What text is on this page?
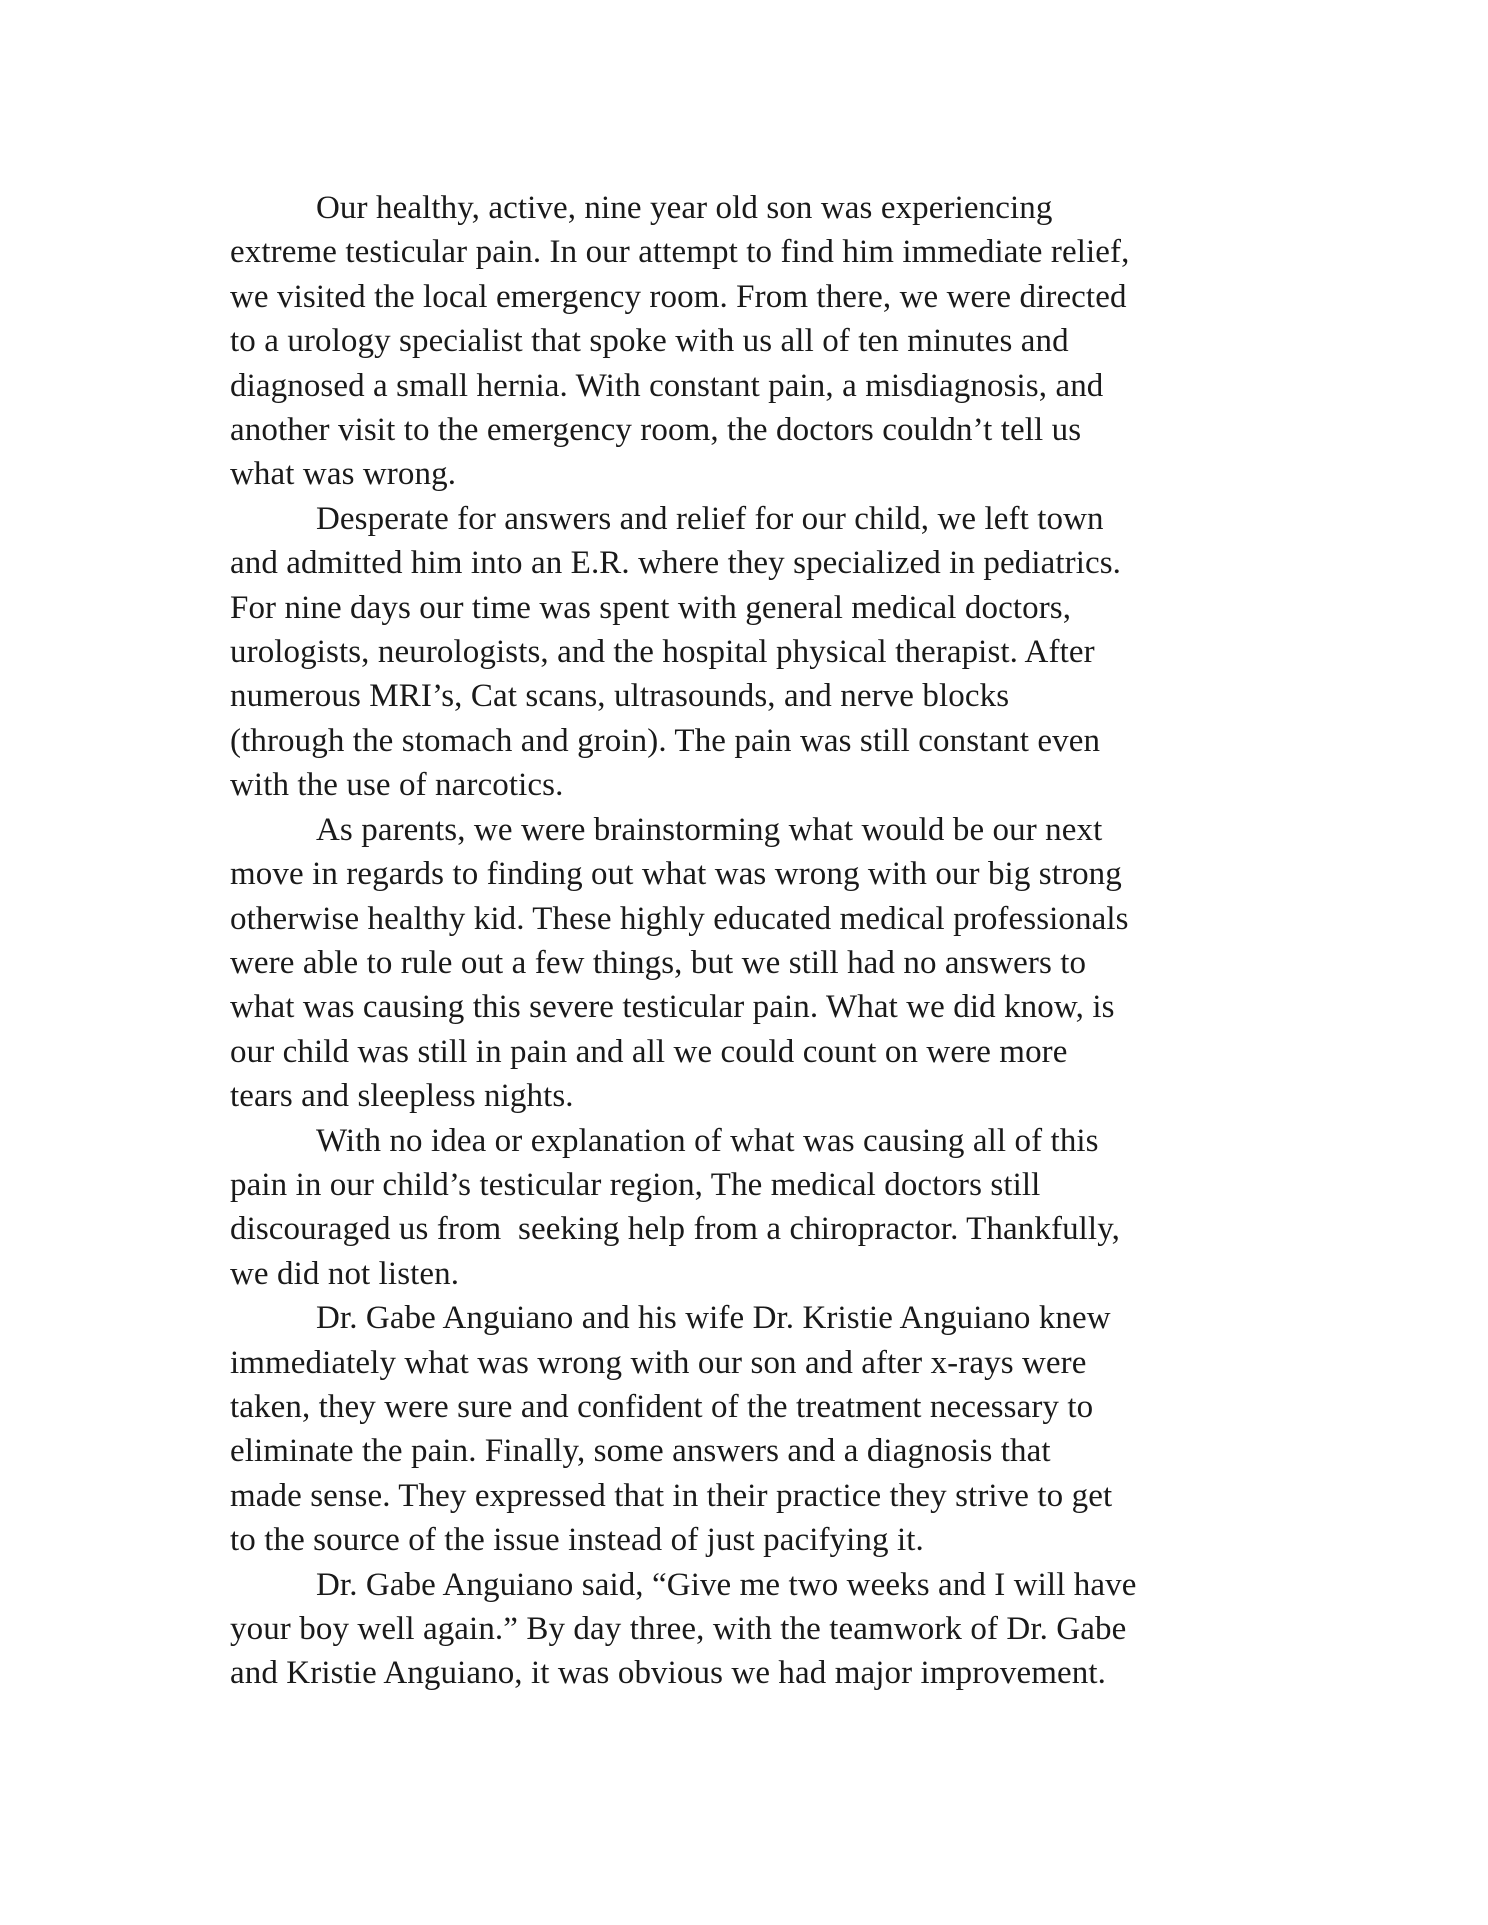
Our healthy, active, nine year old son was experiencing
extreme testicular pain. In our attempt to find him immediate relief,
we visited the local emergency room. From there, we were directed
to a urology specialist that spoke with us all of ten minutes and
diagnosed a small hernia. With constant pain, a misdiagnosis, and
another visit to the emergency room, the doctors couldn’t tell us
what was wrong.

Desperate for answers and relief for our child, we left town
and admitted him into an E.R. where they specialized in pediatrics.
For nine days our time was spent with general medical doctors,
urologists, neurologists, and the hospital physical therapist. After
numerous MRI’s, Cat scans, ultrasounds, and nerve blocks
(through the stomach and groin). The pain was still constant even
with the use of narcotics.

As parents, we were brainstorming what would be our next
move in regards to finding out what was wrong with our big strong
otherwise healthy kid. These highly educated medical professionals
were able to rule out a few things, but we still had no answers to
what was causing this severe testicular pain. What we did know, is
our child was still in pain and all we could count on were more
tears and sleepless nights.

With no idea or explanation of what was causing all of this
pain in our child’s testicular region, The medical doctors still
discouraged us from  seeking help from a chiropractor. Thankfully,
we did not listen.

Dr. Gabe Anguiano and his wife Dr. Kristie Anguiano knew
immediately what was wrong with our son and after x-rays were
taken, they were sure and confident of the treatment necessary to
eliminate the pain. Finally, some answers and a diagnosis that
made sense. They expressed that in their practice they strive to get
to the source of the issue instead of just pacifying it.

Dr. Gabe Anguiano said, “Give me two weeks and I will have
your boy well again.” By day three, with the teamwork of Dr. Gabe
and Kristie Anguiano, it was obvious we had major improvement.
